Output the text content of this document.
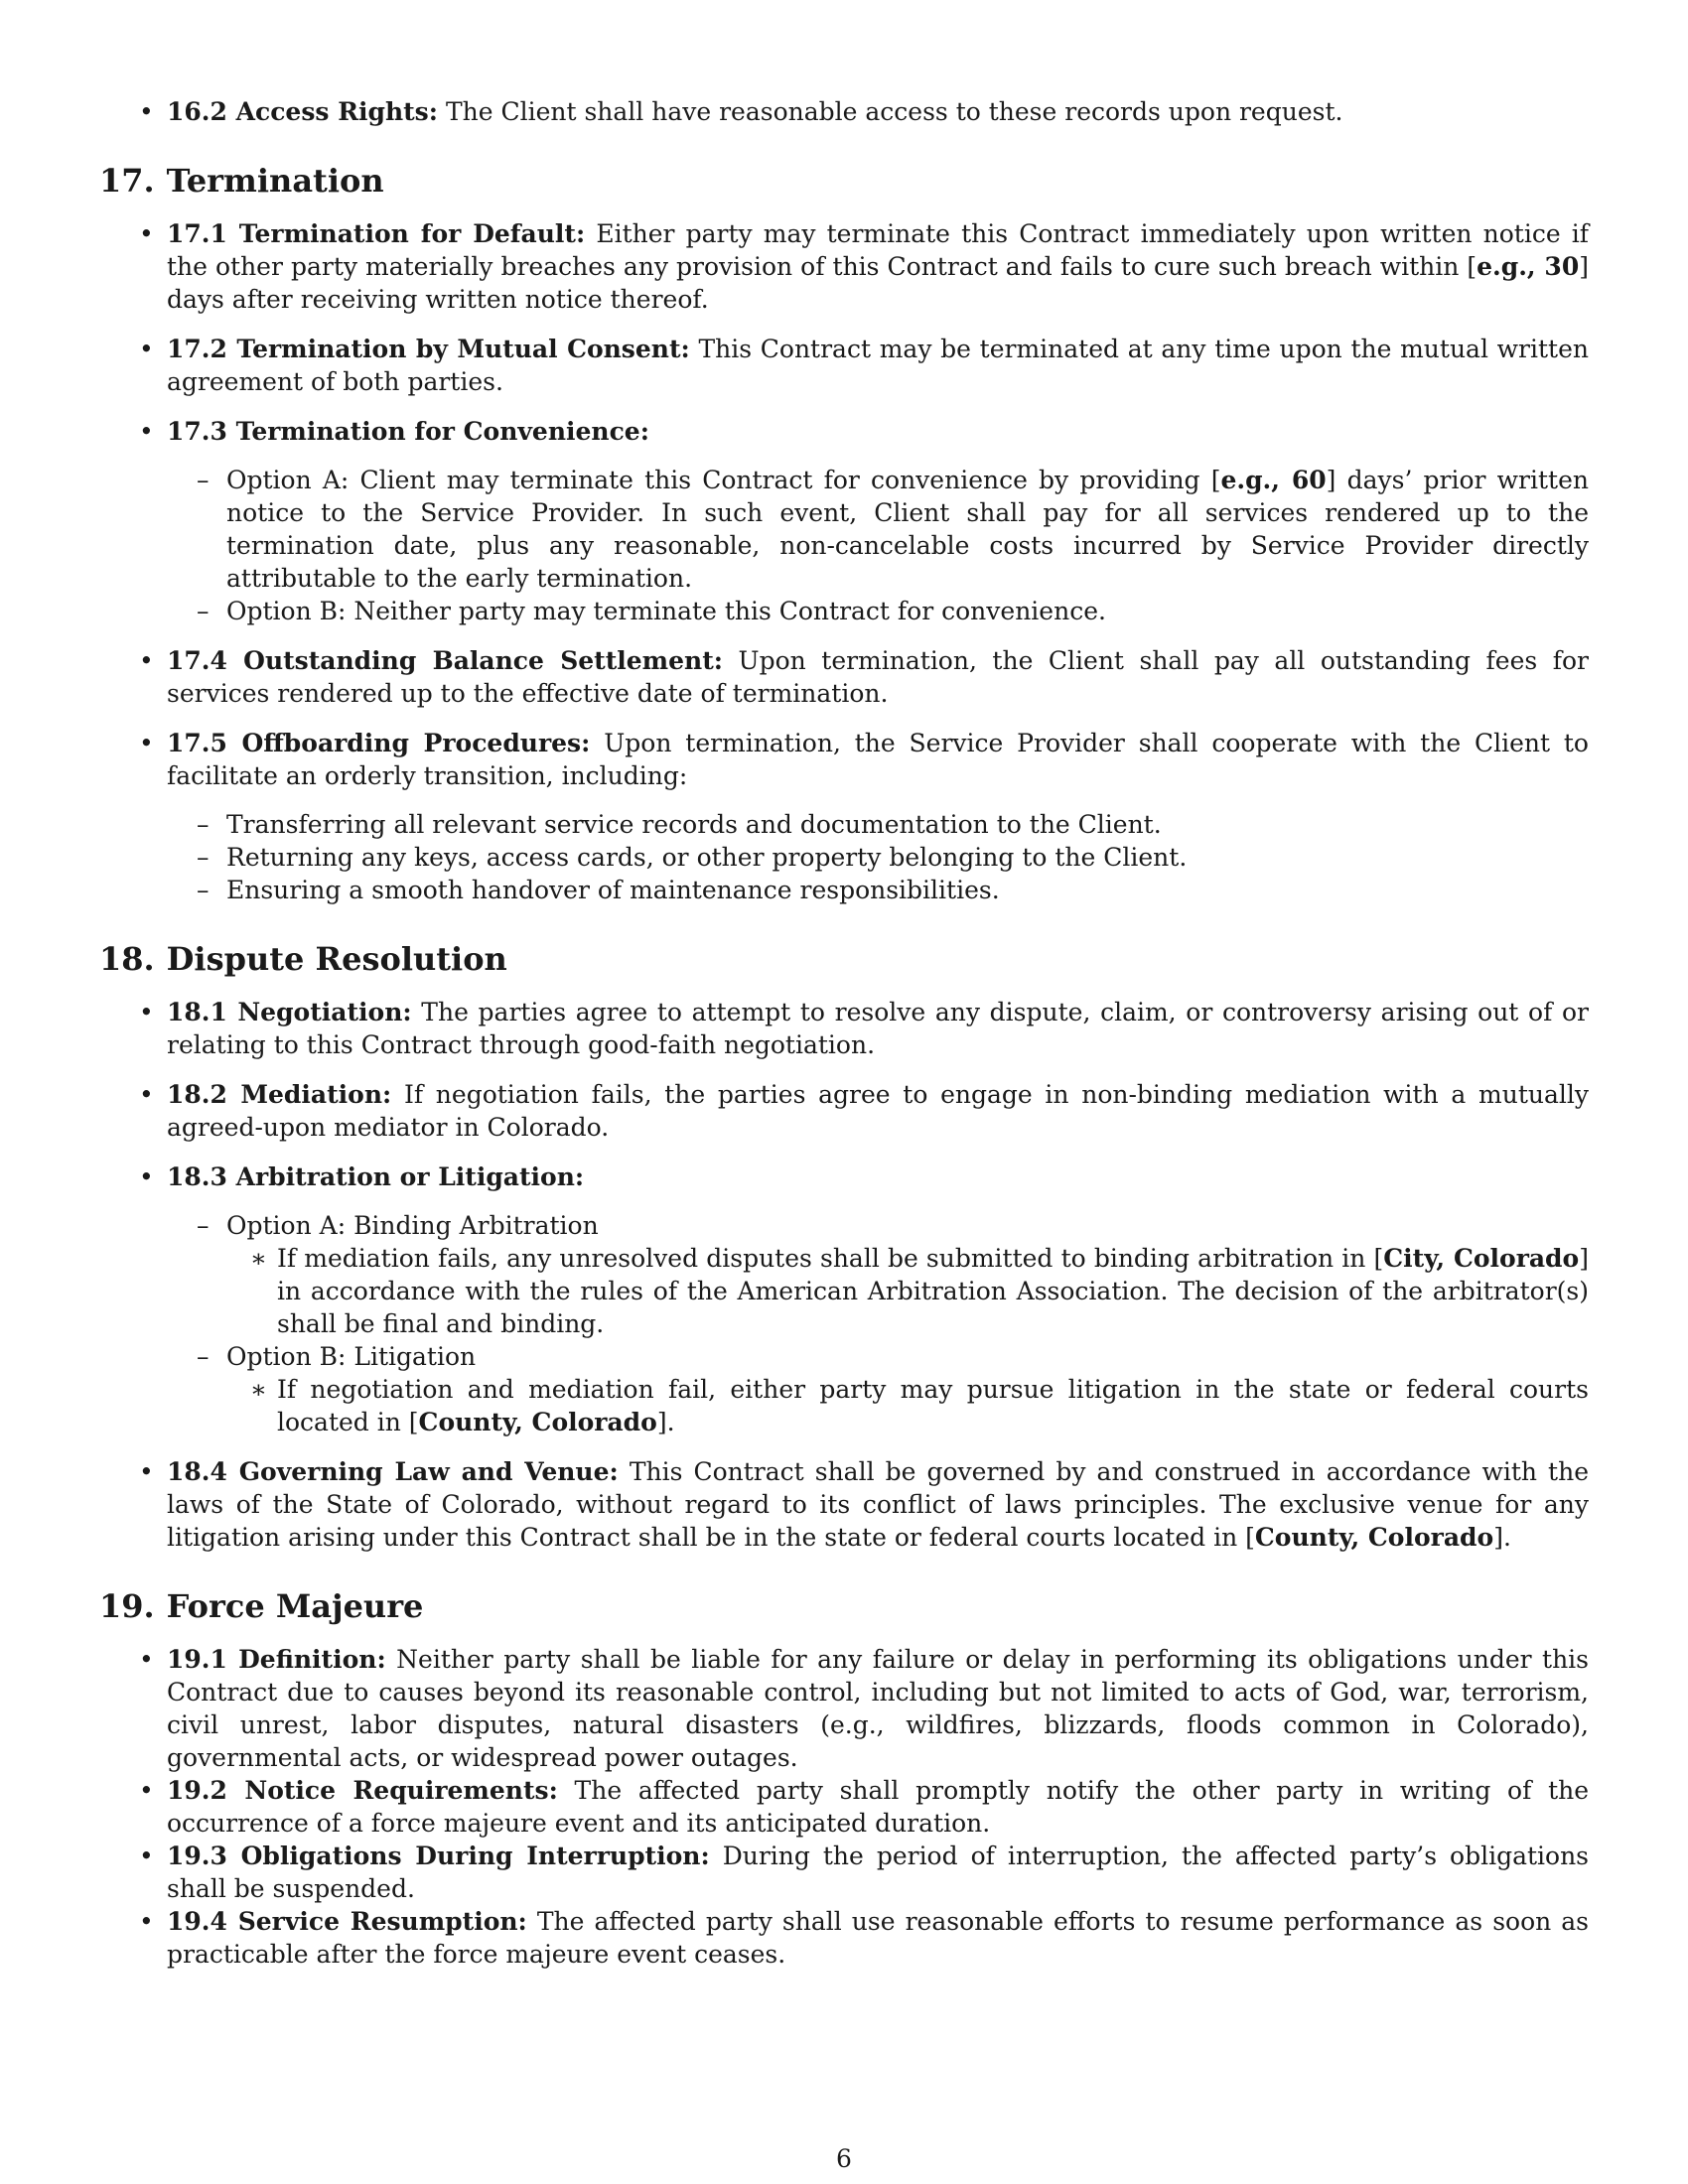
• 16.2 Access Rights: The Client shall have reasonable access to these records upon request.
17. Termination
• 17.1 Termination for Default: Either party may terminate this Contract immediately upon written notice if the other party materially breaches any provision of this Contract and fails to cure such breach within [e.g., 30] days after receiving written notice thereof.
• 17.2 Termination by Mutual Consent: This Contract may be terminated at any time upon the mutual written agreement of both parties.
• 17.3 Termination for Convenience:
– Option A: Client may terminate this Contract for convenience by providing [e.g., 60] days’ prior written notice to the Service Provider. In such event, Client shall pay for all services rendered up to the termination date, plus any reasonable, non-cancelable costs incurred by Service Provider directly attributable to the early termination.
– Option B: Neither party may terminate this Contract for convenience.
• 17.4 Outstanding Balance Settlement: Upon termination, the Client shall pay all outstanding fees for services rendered up to the effective date of termination.
• 17.5 Offboarding Procedures: Upon termination, the Service Provider shall cooperate with the Client to facilitate an orderly transition, including:
– Transferring all relevant service records and documentation to the Client.
– Returning any keys, access cards, or other property belonging to the Client.
– Ensuring a smooth handover of maintenance responsibilities.
18. Dispute Resolution
• 18.1 Negotiation: The parties agree to attempt to resolve any dispute, claim, or controversy arising out of or relating to this Contract through good-faith negotiation.
• 18.2 Mediation: If negotiation fails, the parties agree to engage in non-binding mediation with a mutually agreed-upon mediator in Colorado.
• 18.3 Arbitration or Litigation:
– Option A: Binding Arbitration
∗ If mediation fails, any unresolved disputes shall be submitted to binding arbitration in [City, Colorado] in accordance with the rules of the American Arbitration Association. The decision of the arbitrator(s) shall be final and binding.
– Option B: Litigation
∗ If negotiation and mediation fail, either party may pursue litigation in the state or federal courts located in [County, Colorado].
• 18.4 Governing Law and Venue: This Contract shall be governed by and construed in accordance with the laws of the State of Colorado, without regard to its conflict of laws principles. The exclusive venue for any litigation arising under this Contract shall be in the state or federal courts located in [County, Colorado].
19. Force Majeure
• 19.1 Definition: Neither party shall be liable for any failure or delay in performing its obligations under this Contract due to causes beyond its reasonable control, including but not limited to acts of God, war, terrorism, civil unrest, labor disputes, natural disasters (e.g., wildfires, blizzards, floods common in Colorado), governmental acts, or widespread power outages.
• 19.2 Notice Requirements: The affected party shall promptly notify the other party in writing of the occurrence of a force majeure event and its anticipated duration.
• 19.3 Obligations During Interruption: During the period of interruption, the affected party’s obligations shall be suspended.
• 19.4 Service Resumption: The affected party shall use reasonable efforts to resume performance as soon as practicable after the force majeure event ceases.
6
